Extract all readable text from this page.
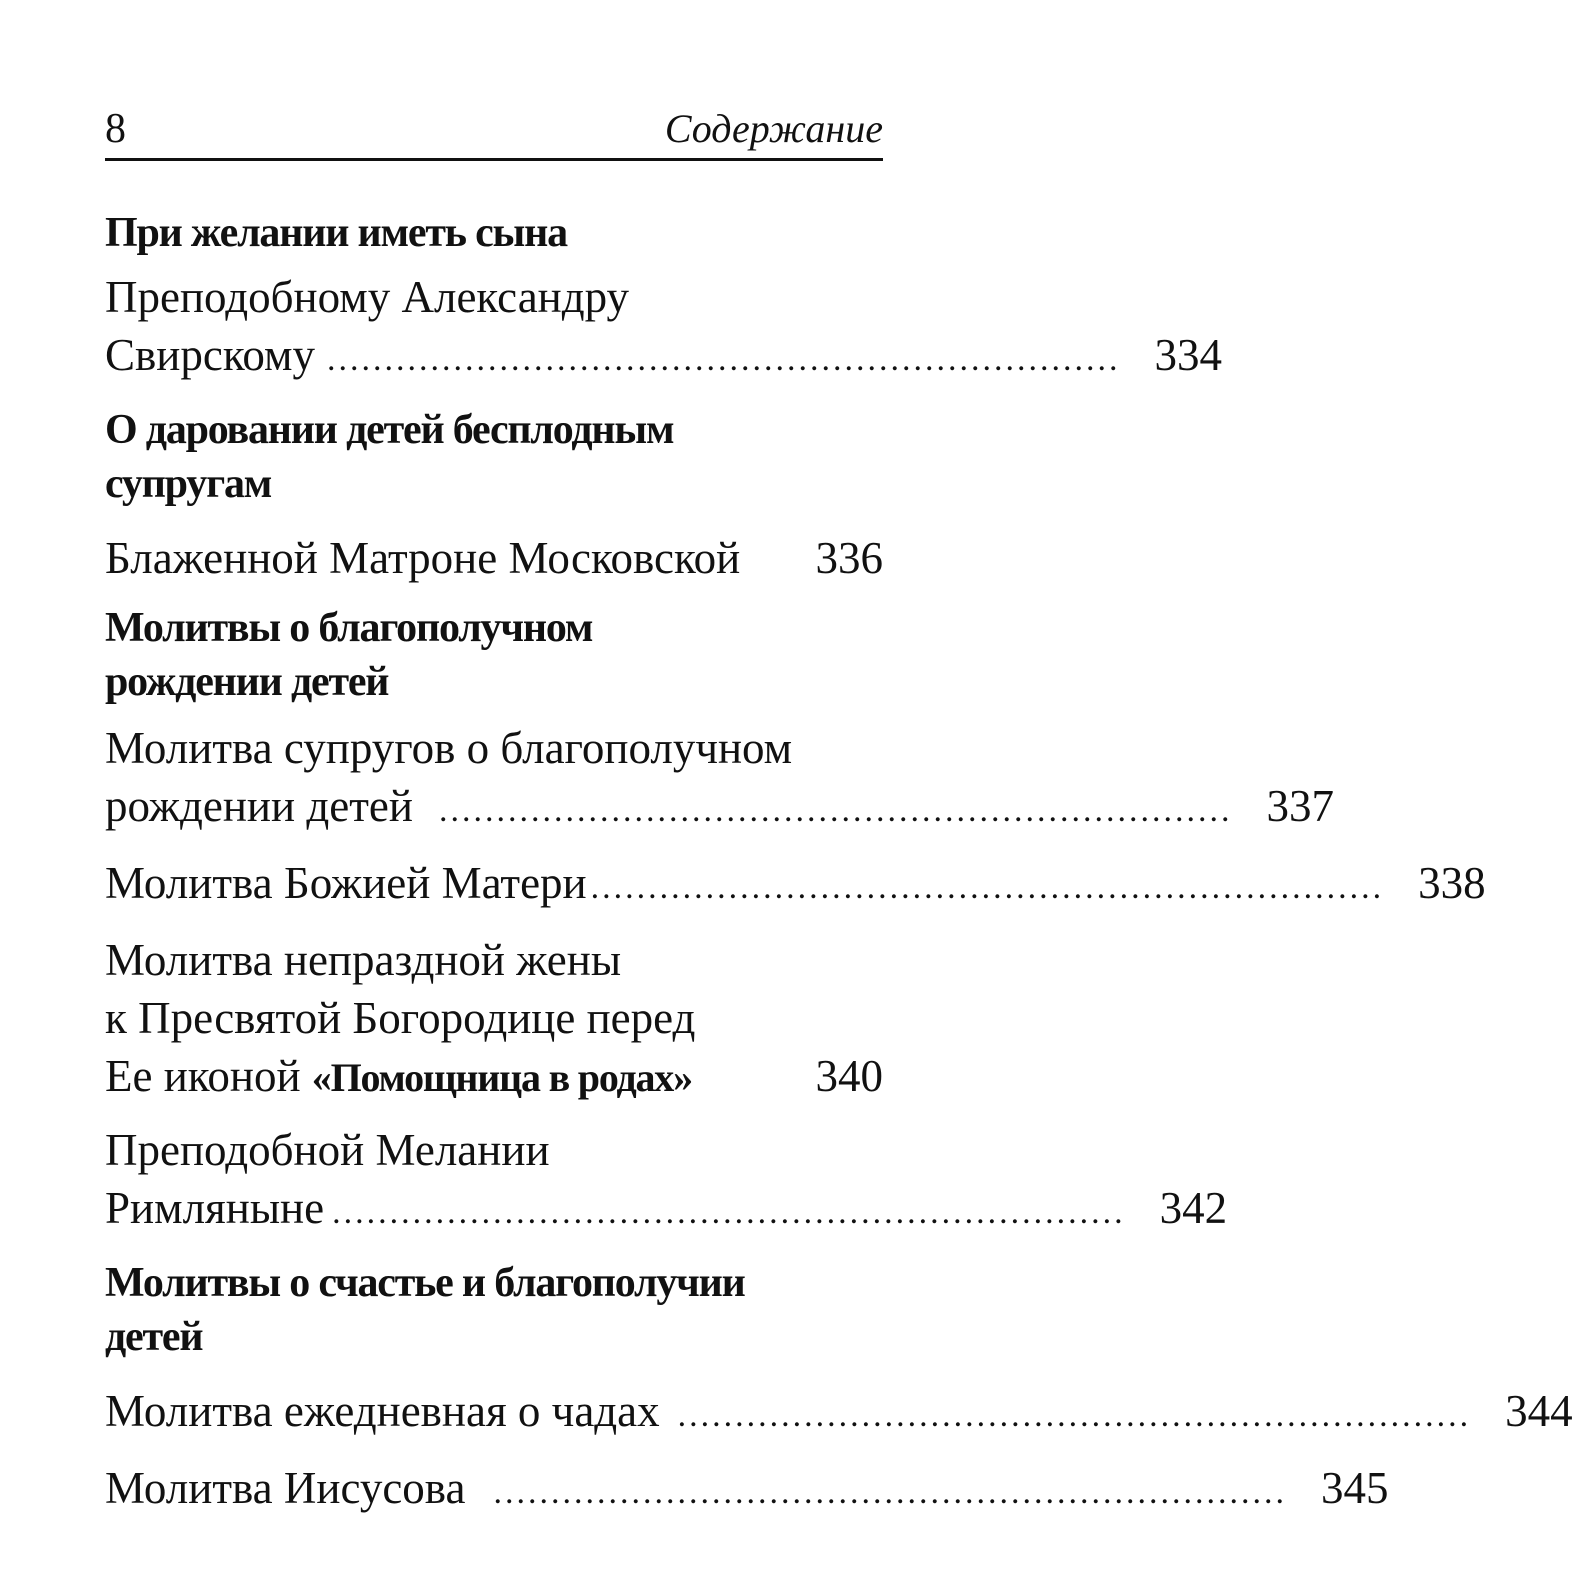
8	Содержание
При желании иметь сына
Преподобному Александру
Свирскому ..................................................................... 334
О даровании детей бесплодным
супругам
Блаженной Матроне Московской	336
Молитвы о благополучном
рождении детей
Молитва супругов о благополучном
рождении детей ..................................................................... 337
Молитва Божией Матери ..................................................................... 338
Молитва непраздной жены
к Пресвятой Богородице перед
Ее иконой «Помощница в родах»	340
Преподобной Мелании
Римляныне ..................................................................... 342
Молитвы о счастье и благополучии
детей
Молитва ежедневная о чадах ..................................................................... 344
Молитва Иисусова ..................................................................... 345
